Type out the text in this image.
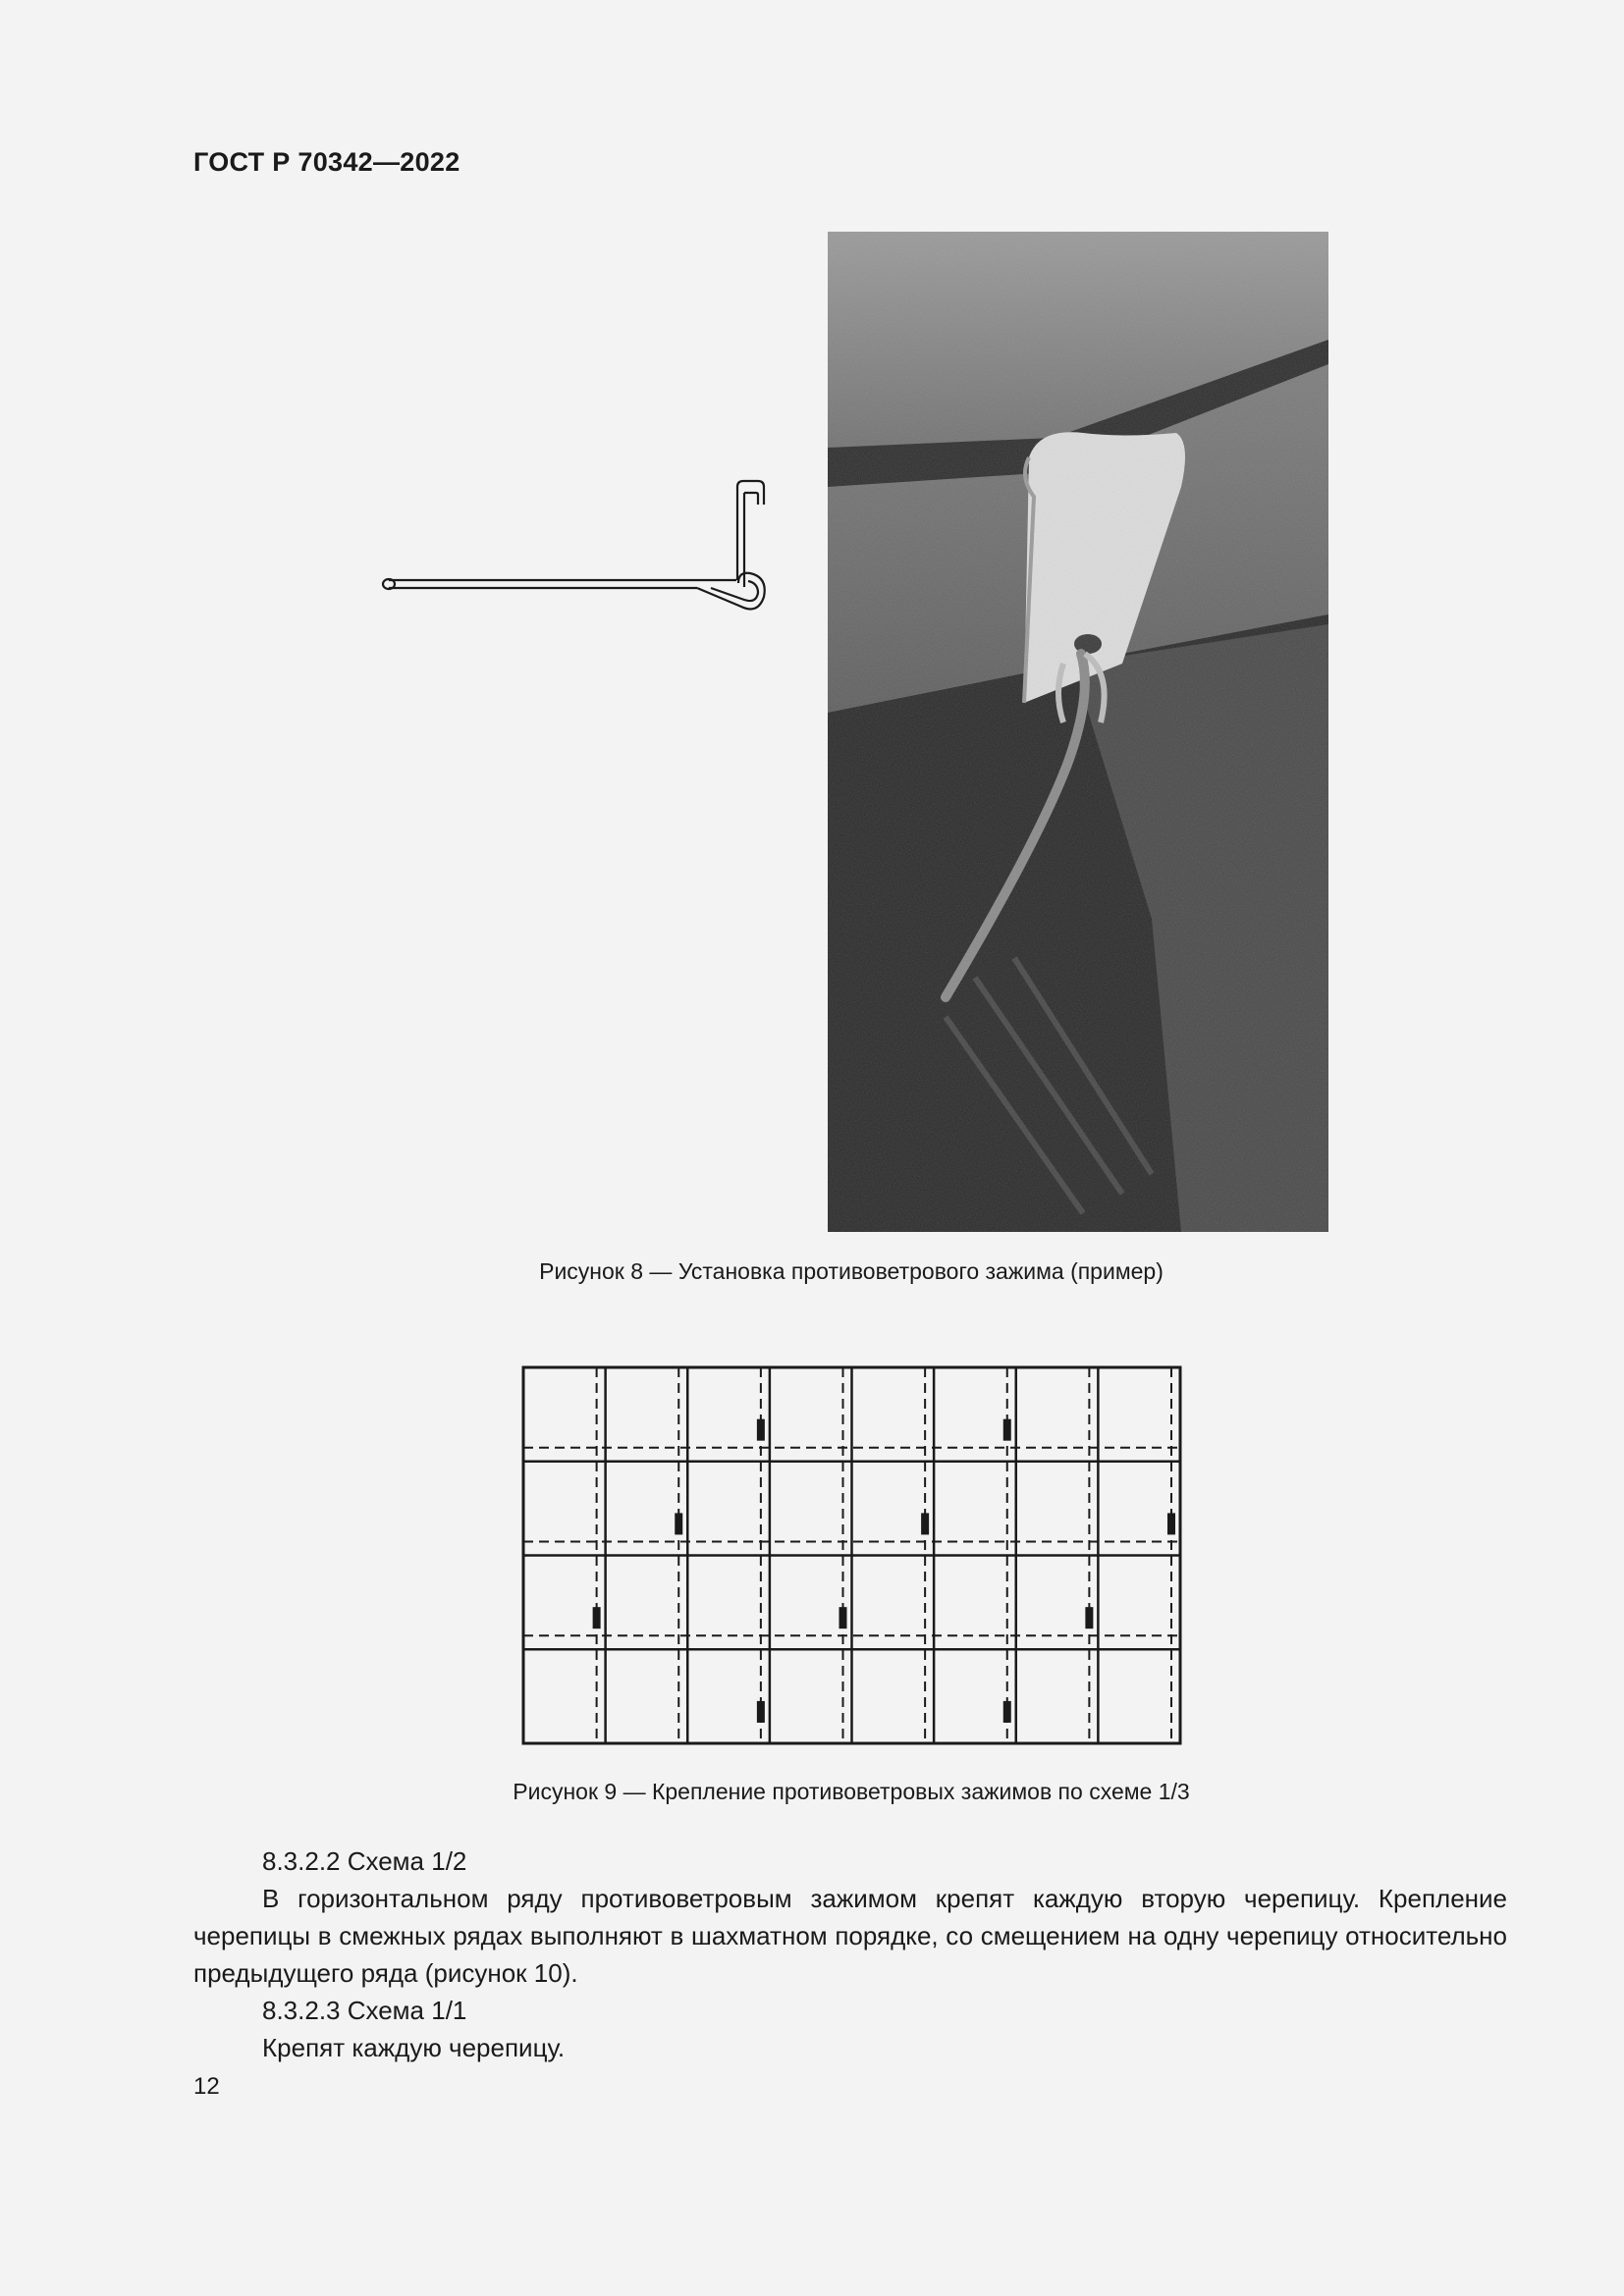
ГОСТ Р 70342—2022
Рисунок 8 — Установка противоветрового зажима (пример)
Рисунок 9 — Крепление противоветровых зажимов по схеме 1/3

8.3.2.2 Схема 1/2

В горизонтальном ряду противоветровым зажимом крепят каждую вторую черепицу. Крепление черепицы в смежных рядах выполняют в шахматном порядке, со смещением на одну черепицу относительно предыдущего ряда (рисунок 10).

8.3.2.3 Схема 1/1

Крепят каждую черепицу.

12
